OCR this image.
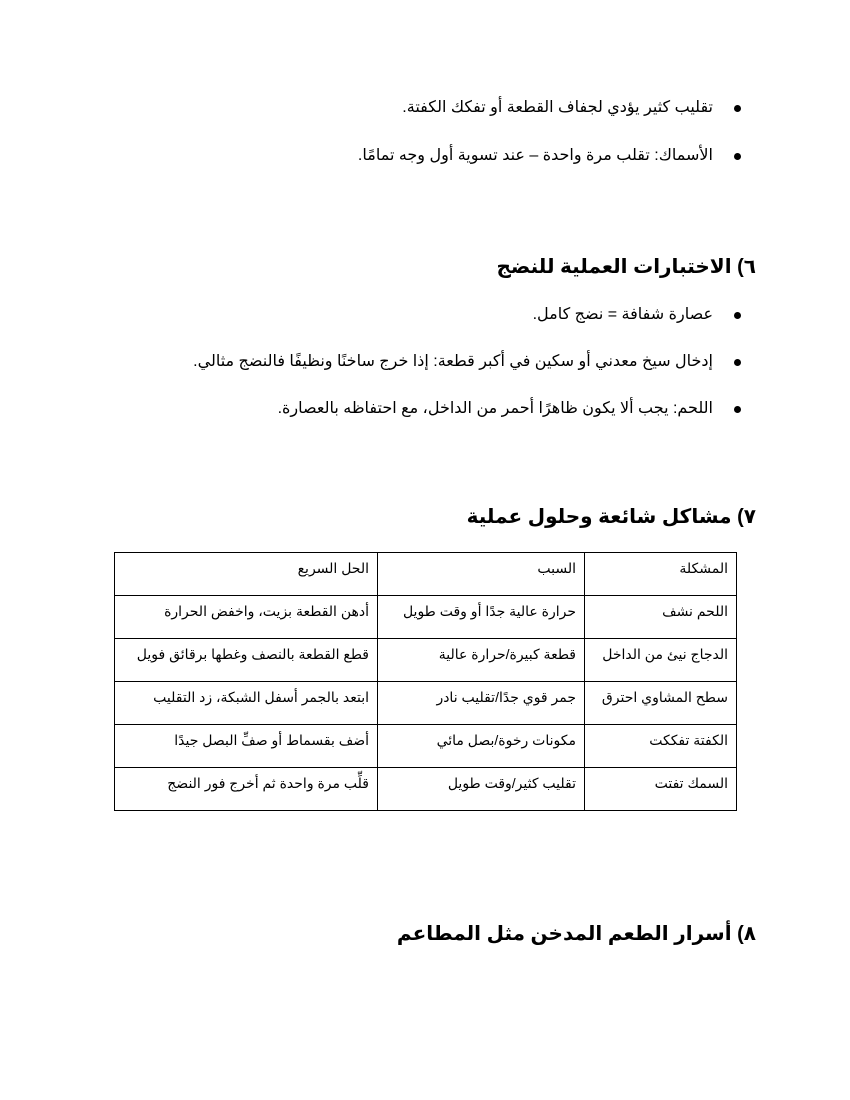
تقليب كثير يؤدي لجفاف القطعة أو تفكك الكفتة.
الأسماك: تقلب مرة واحدة – عند تسوية أول وجه تمامًا.
٦) الاختبارات العملية للنضج
عصارة شفافة = نضج كامل.
إدخال سيخ معدني أو سكين في أكبر قطعة: إذا خرج ساخنًا ونظيفًا فالنضج مثالي.
اللحم: يجب ألا يكون ظاهرًا أحمر من الداخل، مع احتفاظه بالعصارة.
٧) مشاكل شائعة وحلول عملية
المشكلة	السبب	الحل السريع
اللحم نشف	حرارة عالية جدًا أو وقت طويل	أدهن القطعة بزيت، واخفض الحرارة
الدجاج نيئ من الداخل	قطعة كبيرة/حرارة عالية	قطع القطعة بالنصف وغطها برقائق فويل
سطح المشاوي احترق	جمر قوي جدًا/تقليب نادر	ابتعد بالجمر أسفل الشبكة، زد التقليب
الكفتة تفككت	مكونات رخوة/بصل مائي	أضف بقسماط أو صفِّ البصل جيدًا
السمك تفتت	تقليب كثير/وقت طويل	قلِّب مرة واحدة ثم أخرج فور النضج
٨) أسرار الطعم المدخن مثل المطاعم
